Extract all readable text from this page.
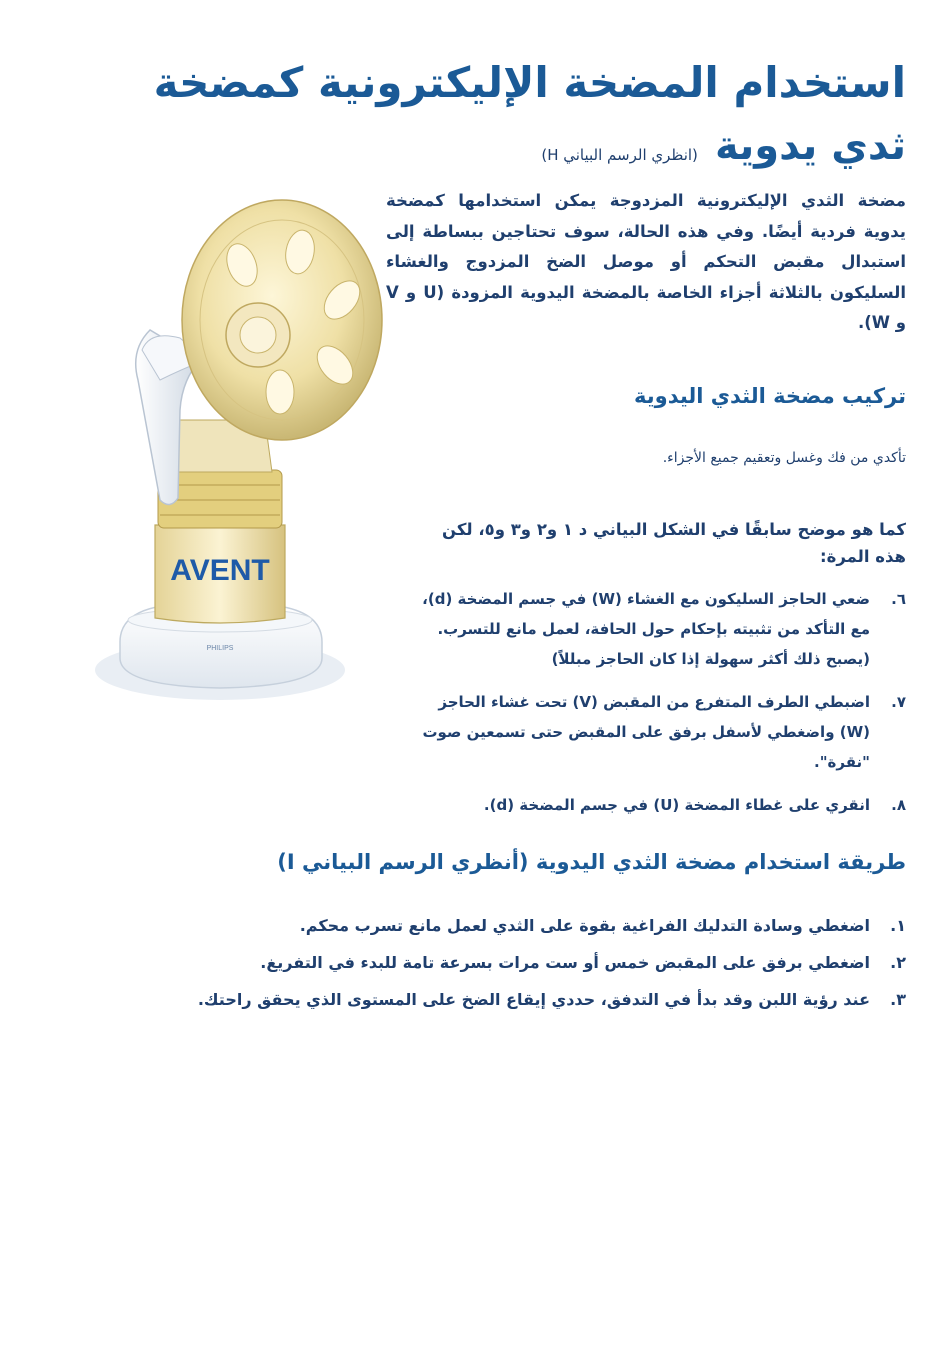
استخدام المضخة الإليكترونية كمضخة
ثدي يدوية (انظري الرسم البياني H)
مضخة الثدي الإليكترونية المزدوجة يمكن استخدامها كمضخة يدوية فردية أيضًا. وفي هذه الحالة، سوف تحتاجين ببساطة إلى استبدال مقبض التحكم أو موصل الضخ المزدوج والغشاء السليكون بالثلاثة أجزاء الخاصة بالمضخة اليدوية المزودة (U و V و W).
AVENT
PHILIPS
تركيب مضخة الثدي اليدوية
تأكدي من فك وغسل وتعقيم جميع الأجزاء.
كما هو موضح سابقًا في الشكل البياني د ١ و٢ و٣ و٥، لكن هذه المرة:
٦.
ضعي الحاجز السليكون مع الغشاء (W) في جسم المضخة (d)، مع التأكد من تثبيته بإحكام حول الحافة، لعمل مانع للتسرب. (يصبح ذلك أكثر سهولة إذا كان الحاجز مبللاً)
٧.
اضبطي الطرف المتفرع من المقبض (V) تحت غشاء الحاجز (W) واضغطي لأسفل برفق على المقبض حتى تسمعين صوت "نقرة".
٨.
انقري على غطاء المضخة (U) في جسم المضخة (d).
طريقة استخدام مضخة الثدي اليدوية (أنظري الرسم البياني I)
١.
اضغطي وسادة التدليك الفراغية بقوة على الثدي لعمل مانع تسرب محكم.
٢.
اضغطي برفق على المقبض خمس أو ست مرات بسرعة تامة للبدء في التفريغ.
٣.
عند رؤية اللبن وقد بدأ في التدفق، حددي إيقاع الضخ على المستوى الذي يحقق راحتك.
